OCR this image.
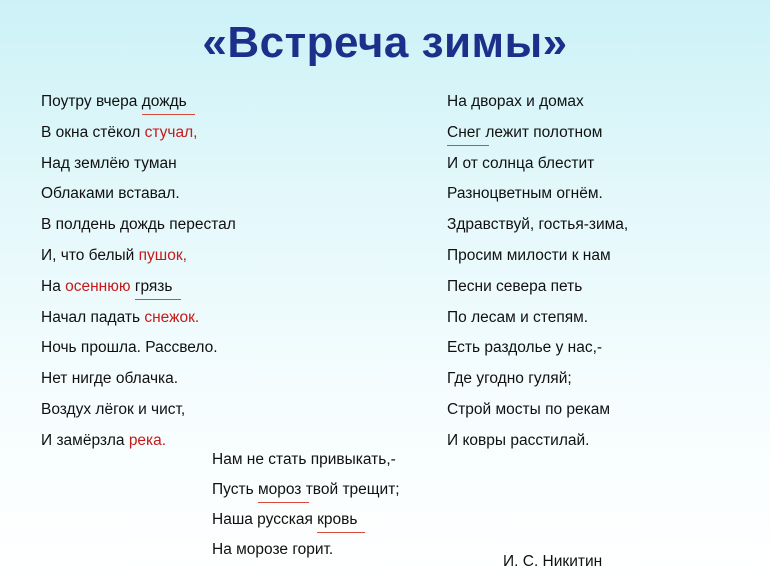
«Встреча зимы»
Поутру вчера дождь
В окна стёкол стучал,
Над землёю туман
Облаками вставал.
В полдень дождь перестал
И, что белый пушок,
На осеннюю грязь
Начал падать снежок.
Ночь прошла. Рассвело.
Нет нигде облачка.
Воздух лёгок и чист,
И замёрзла река.
На дворах и домах
Снег лежит полотном
И от солнца блестит
Разноцветным огнём.
Здравствуй, гостья-зима,
Просим милости к нам
Песни севера петь
По лесам и степям.
Есть раздолье у нас,-
Где угодно гуляй;
Строй мосты по рекам
И ковры расстилай.
Нам не стать привыкать,-
Пусть мороз твой трещит;
Наша русская кровь
На морозе горит.
И. С. Никитин
